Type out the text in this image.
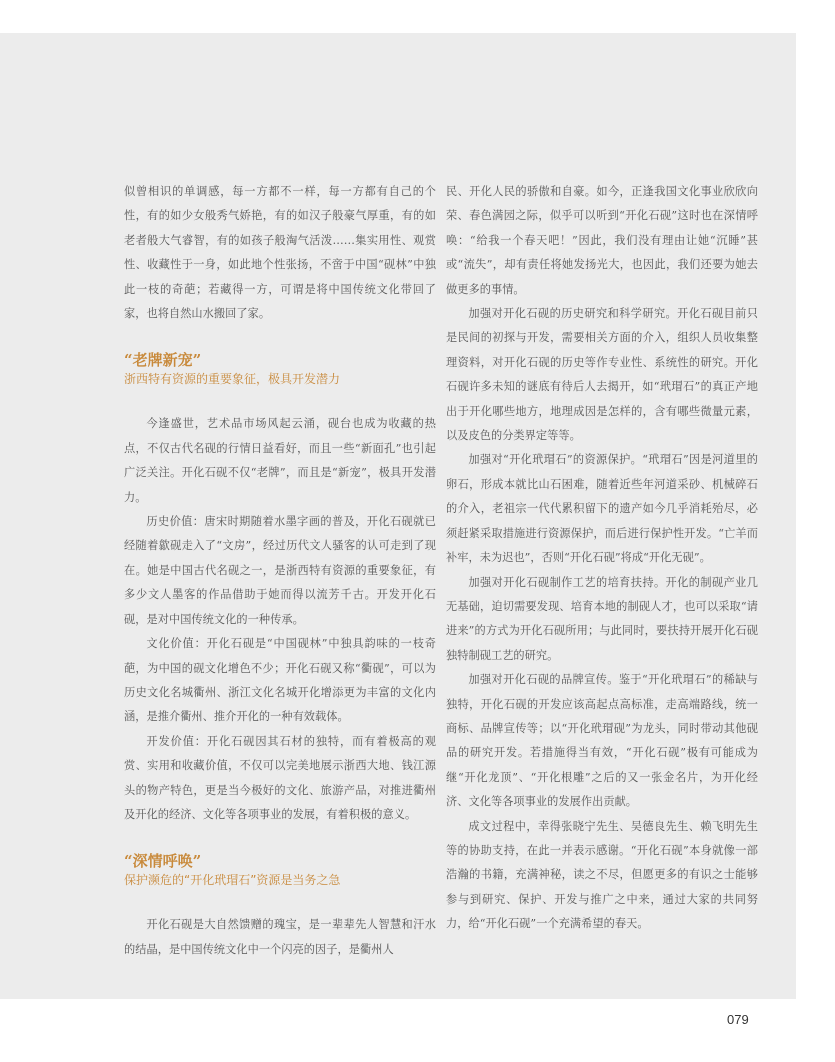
似曾相识的单调感，每一方都不一样，每一方都有自己的个性，有的如少女般秀气娇艳，有的如汉子般豪气厚重，有的如老者般大气睿智，有的如孩子般淘气活泼……集实用性、观赏性、收藏性于一身，如此地个性张扬，不啻于中国“砚林”中独此一枝的奇葩；若藏得一方，可谓是将中国传统文化带回了家，也将自然山水搬回了家。

“老牌新宠”
浙西特有资源的重要象征，极具开发潜力

今逢盛世，艺术品市场风起云涌，砚台也成为收藏的热点，不仅古代名砚的行情日益看好，而且一些“新面孔”也引起广泛关注。开化石砚不仅“老牌”，而且是“新宠”，极具开发潜力。

历史价值：唐宋时期随着水墨字画的普及，开化石砚就已经随着歙砚走入了“文房”，经过历代文人骚客的认可走到了现在。她是中国古代名砚之一，是浙西特有资源的重要象征，有多少文人墨客的作品借助于她而得以流芳千古。开发开化石砚，是对中国传统文化的一种传承。

文化价值：开化石砚是“中国砚林”中独具韵味的一枝奇葩，为中国的砚文化增色不少；开化石砚又称“衢砚”，可以为历史文化名城衢州、浙江文化名城开化增添更为丰富的文化内涵，是推介衢州、推介开化的一种有效载体。

开发价值：开化石砚因其石材的独特，而有着极高的观赏、实用和收藏价值，不仅可以完美地展示浙西大地、钱江源头的物产特色，更是当今极好的文化、旅游产品，对推进衢州及开化的经济、文化等各项事业的发展，有着积极的意义。

“深情呼唤”
保护濒危的“开化玳瑁石”资源是当务之急

开化石砚是大自然馈赠的瑰宝，是一辈辈先人智慧和汗水的结晶，是中国传统文化中一个闪亮的因子，是衢州人

民、开化人民的骄傲和自豪。如今，正逢我国文化事业欣欣向荣、春色满园之际，似乎可以听到“开化石砚”这时也在深情呼唤：“给我一个春天吧！”因此，我们没有理由让她“沉睡”甚或“流失”，却有责任将她发扬光大，也因此，我们还要为她去做更多的事情。

加强对开化石砚的历史研究和科学研究。开化石砚目前只是民间的初探与开发，需要相关方面的介入，组织人员收集整理资料，对开化石砚的历史等作专业性、系统性的研究。开化石砚许多未知的谜底有待后人去揭开，如“玳瑁石”的真正产地出于开化哪些地方，地理成因是怎样的，含有哪些微量元素，以及皮色的分类界定等等。

加强对“开化玳瑁石”的资源保护。“玳瑁石”因是河道里的卵石，形成本就比山石困难，随着近些年河道采砂、机械碎石的介入，老祖宗一代代累积留下的遗产如今几乎消耗殆尽，必须赶紧采取措施进行资源保护，而后进行保护性开发。“亡羊而补牢，未为迟也”，否则“开化石砚”将成“开化无砚”。

加强对开化石砚制作工艺的培育扶持。开化的制砚产业几无基础，迫切需要发现、培育本地的制砚人才，也可以采取“请进来”的方式为开化石砚所用；与此同时，要扶持开展开化石砚独特制砚工艺的研究。

加强对开化石砚的品牌宣传。鉴于“开化玳瑁石”的稀缺与独特，开化石砚的开发应该高起点高标准，走高端路线，统一商标、品牌宣传等；以“开化玳瑁砚”为龙头，同时带动其他砚品的研究开发。若措施得当有效，“开化石砚”极有可能成为继“开化龙顶”、“开化根雕”之后的又一张金名片，为开化经济、文化等各项事业的发展作出贡献。

成文过程中，幸得张晓宁先生、吴德良先生、赖飞明先生等的协助支持，在此一并表示感谢。“开化石砚”本身就像一部浩瀚的书籍，充满神秘，读之不尽，但愿更多的有识之士能够参与到研究、保护、开发与推广之中来，通过大家的共同努力，给“开化石砚”一个充满希望的春天。

079
